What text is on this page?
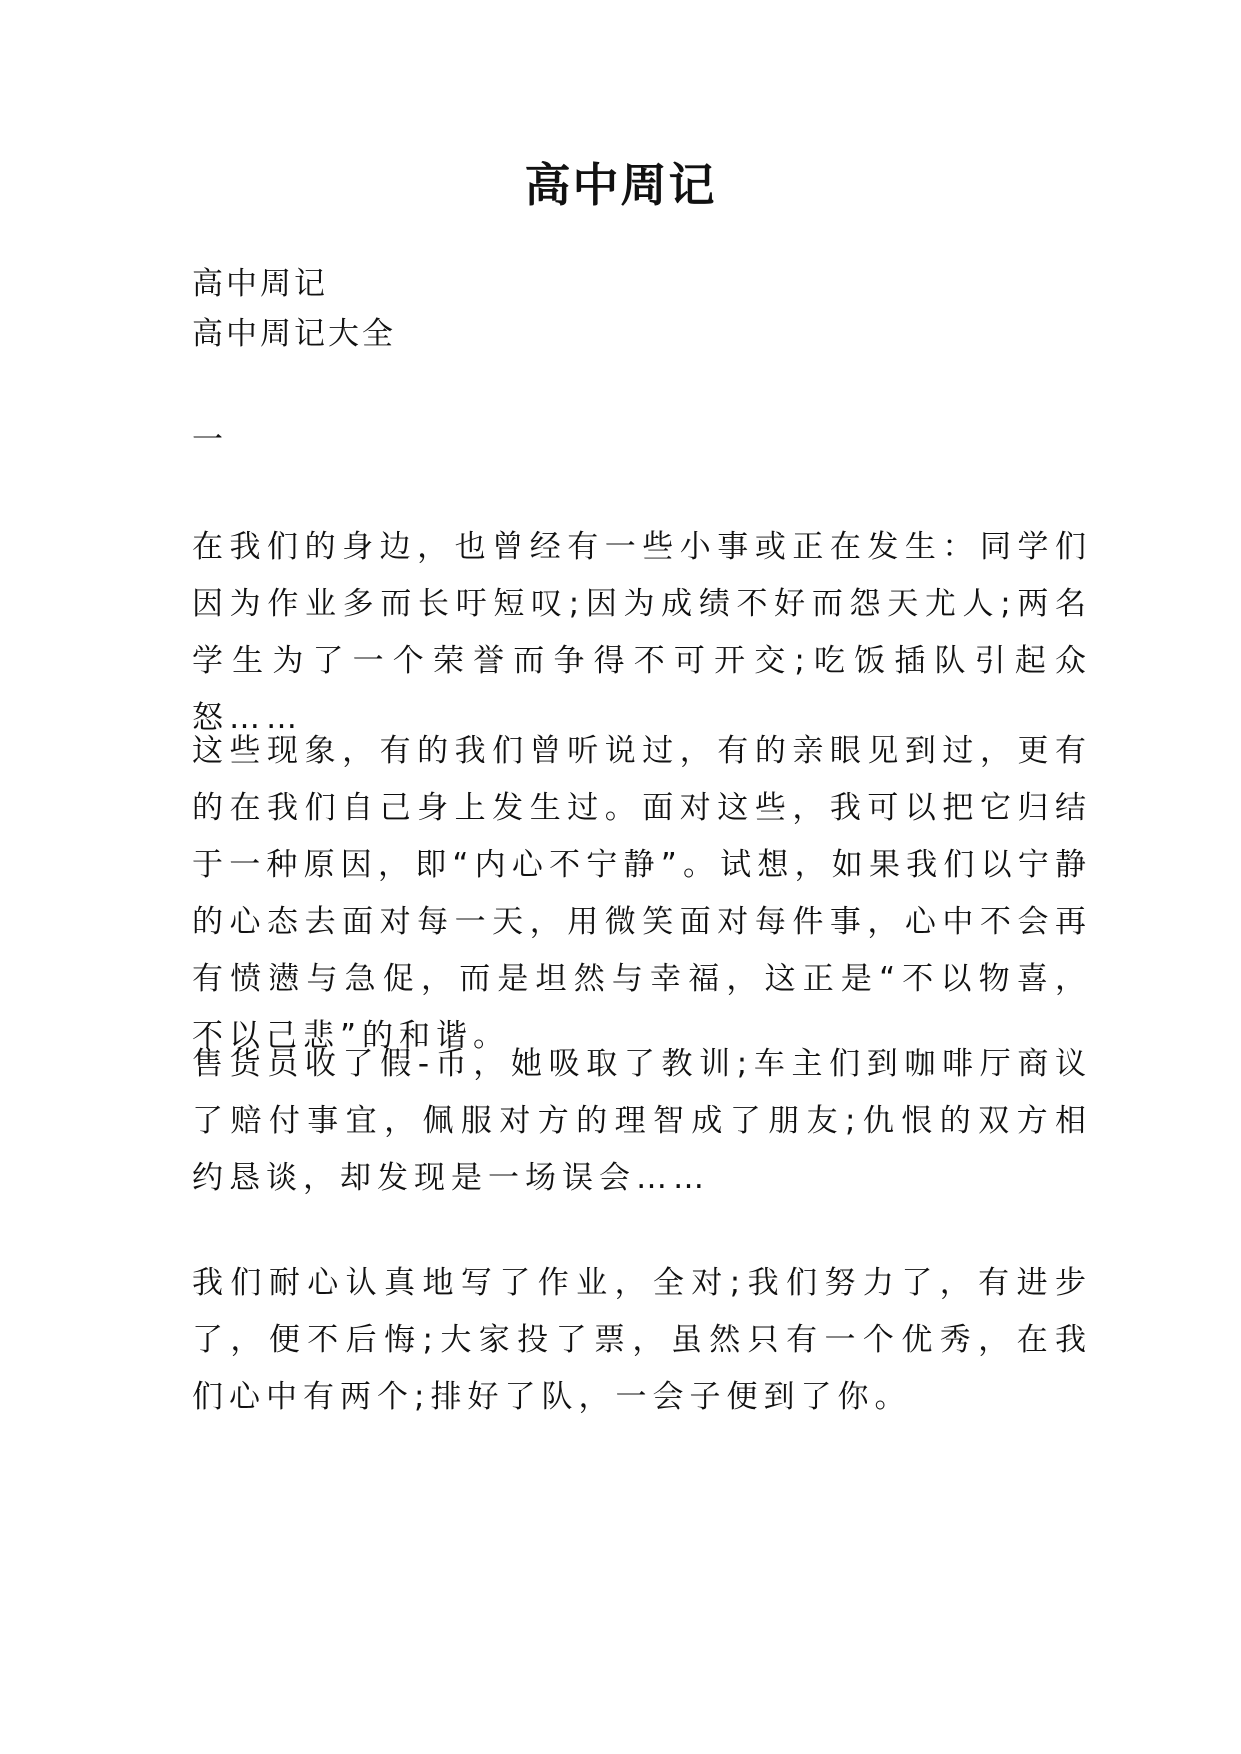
高中周记
高中周记
高中周记大全
一

在我们的身边，也曾经有一些小事或正在发生：同学们因为作业多而长吁短叹;因为成绩不好而怨天尤人;两名学生为了一个荣誉而争得不可开交;吃饭插队引起众怒……

这些现象，有的我们曾听说过，有的亲眼见到过，更有的在我们自己身上发生过。面对这些，我可以把它归结于一种原因，即“内心不宁静”。试想，如果我们以宁静的心态去面对每一天，用微笑面对每件事，心中不会再有愤懑与急促，而是坦然与幸福，这正是“不以物喜，不以己悲”的和谐。

售货员收了假-币，她吸取了教训;车主们到咖啡厅商议了赔付事宜，佩服对方的理智成了朋友;仇恨的双方相约恳谈，却发现是一场误会……

我们耐心认真地写了作业，全对;我们努力了，有进步了，便不后悔;大家投了票，虽然只有一个优秀，在我们心中有两个;排好了队，一会子便到了你。
